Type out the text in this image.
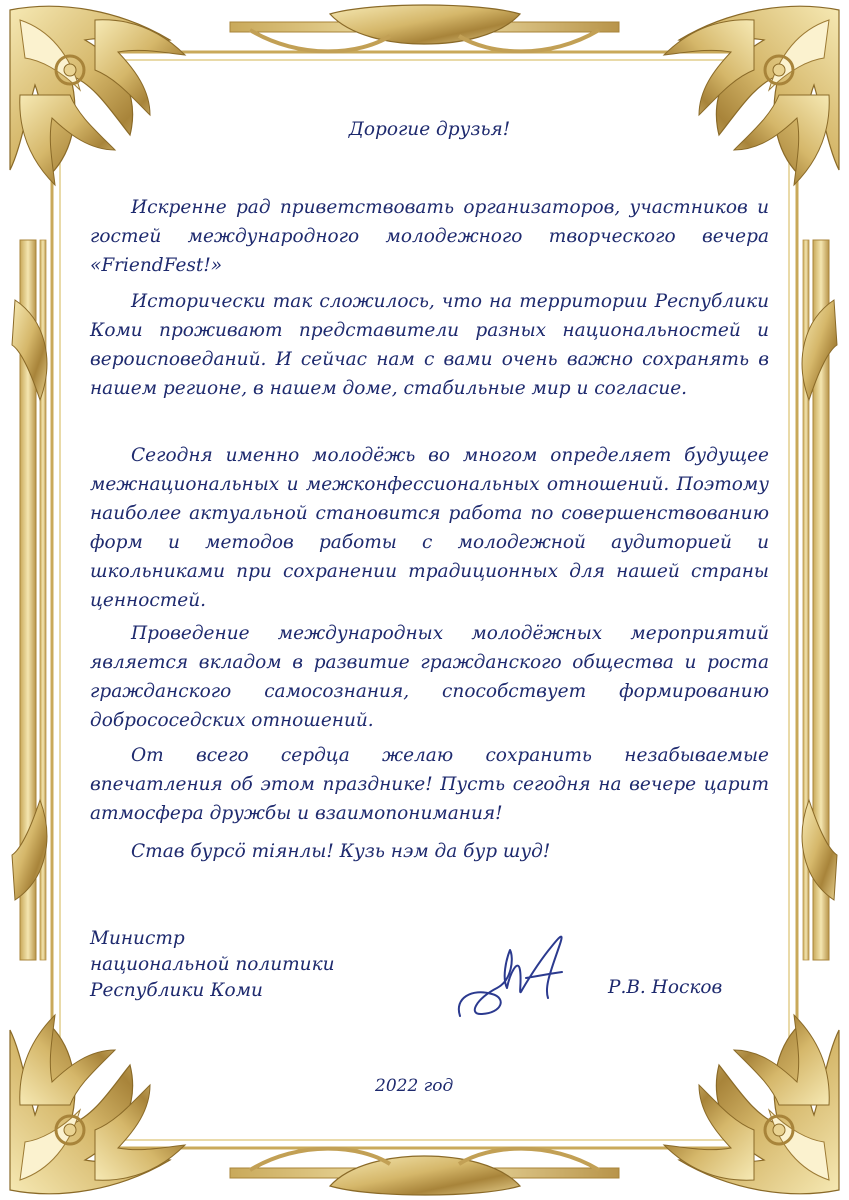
Дорогие друзья!

Искренне рад приветствовать организаторов, участников и гостей международного молодежного творческого вечера «FriendFest!»

Исторически так сложилось, что на территории Республики Коми проживают представители разных национальностей и вероисповеданий. И сейчас нам с вами очень важно сохранять в нашем регионе, в нашем доме, стабильные мир и согласие.

Сегодня именно молодёжь во многом определяет будущее межнациональных и межконфессиональных отношений. Поэтому наиболее актуальной становится работа по совершенствованию форм и методов работы с молодежной аудиторией и школьниками при сохранении традиционных для нашей страны ценностей.

Проведение международных молодёжных мероприятий является вкладом в развитие гражданского общества и роста гражданского самосознания, способствует формированию добрососедских отношений.

От всего сердца желаю сохранить незабываемые впечатления об этом празднике! Пусть сегодня на вечере царит атмосфера дружбы и взаимопонимания!

Став бурсӧ тіянлы! Кузь нэм да бур шуд!

Министр
национальной политики
Республики Коми	Р.В. Носков
2022 год
